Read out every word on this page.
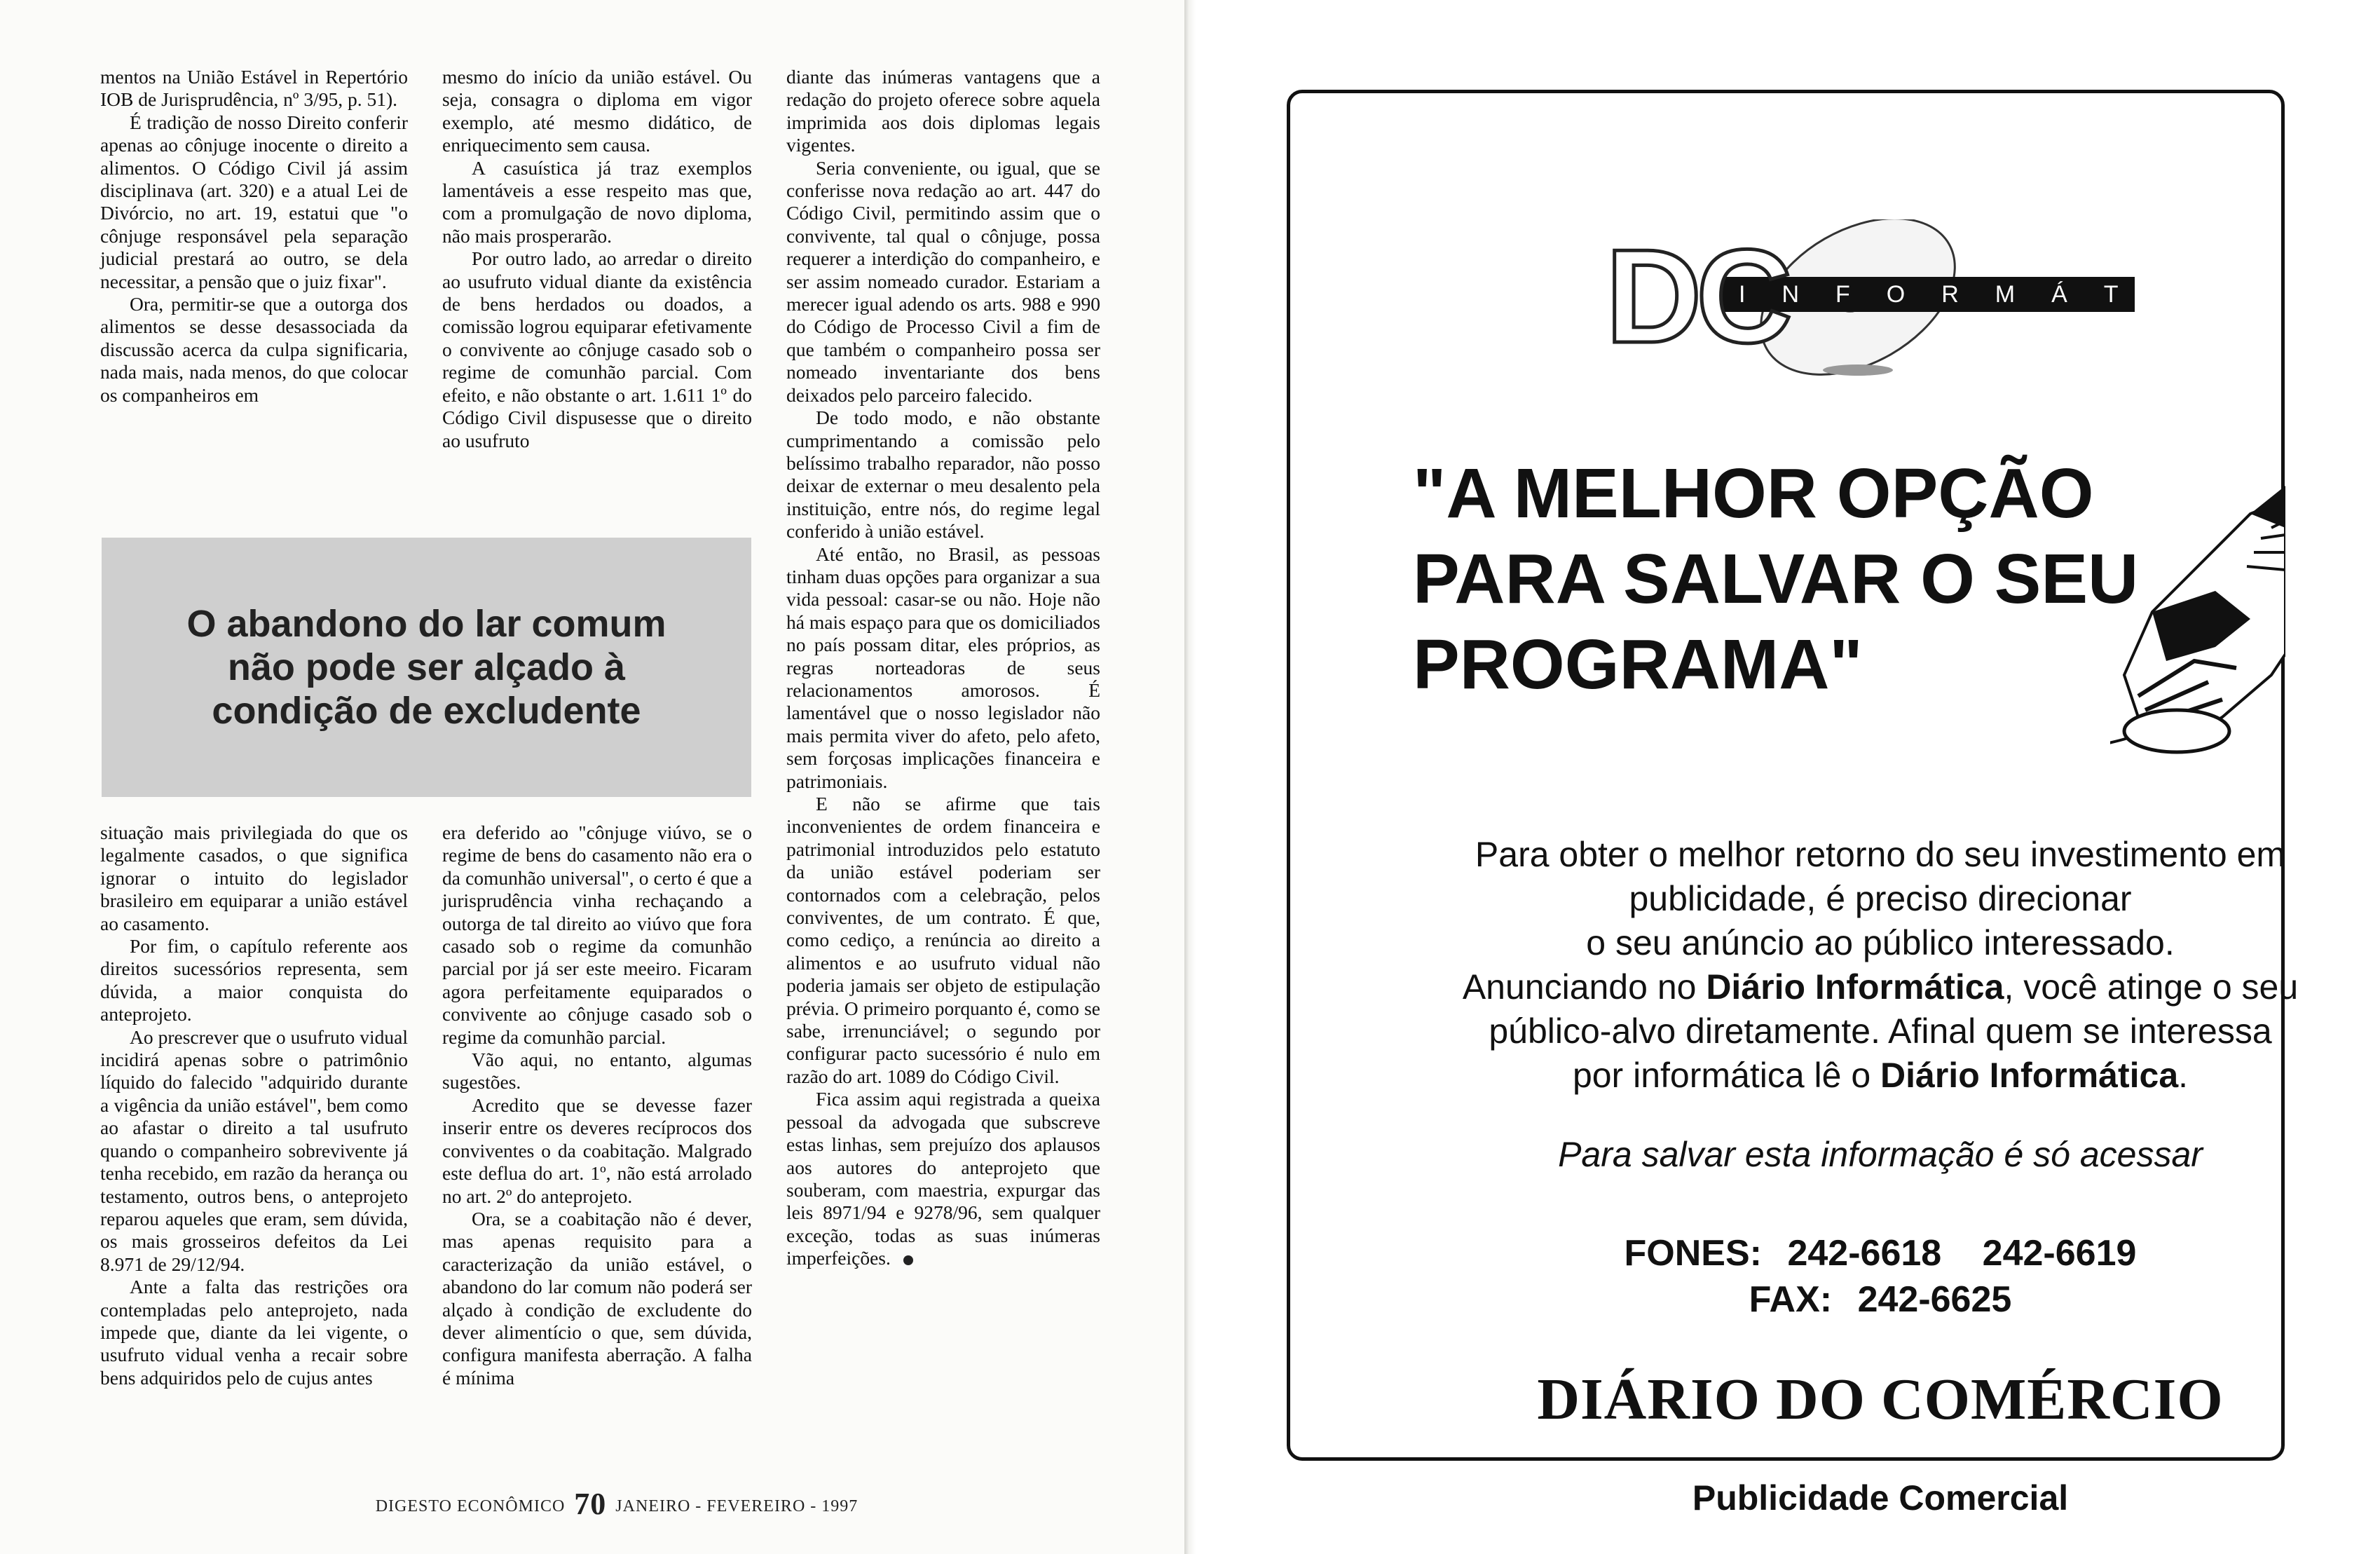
mentos na União Estável in Repertório IOB de Jurisprudência, nº 3/95, p. 51).

É tradição de nosso Direito conferir apenas ao cônjuge inocente o direito a alimentos. O Código Civil já assim disciplinava (art. 320) e a atual Lei de Divórcio, no art. 19, estatui que "o cônjuge responsável pela separação judicial prestará ao outro, se dela necessitar, a pensão que o juiz fixar".

Ora, permitir-se que a outorga dos alimentos se desse desassociada da discussão acerca da culpa significaria, nada mais, nada menos, do que colocar os companheiros em

mesmo do início da união estável. Ou seja, consagra o diploma em vigor exemplo, até mesmo didático, de enriquecimento sem causa.

A casuística já traz exemplos lamentáveis a esse respeito mas que, com a promulgação de novo diploma, não mais prosperarão.

Por outro lado, ao arredar o direito ao usufruto vidual diante da existência de bens herdados ou doados, a comissão logrou equiparar efetivamente o convivente ao cônjuge casado sob o regime de comunhão parcial. Com efeito, e não obstante o art. 1.611 1º do Código Civil dispusesse que o direito ao usufruto

diante das inúmeras vantagens que a redação do projeto oferece sobre aquela imprimida aos dois diplomas legais vigentes.

Seria conveniente, ou igual, que se conferisse nova redação ao art. 447 do Código Civil, permitindo assim que o convivente, tal qual o cônjuge, possa requerer a interdição do companheiro, e ser assim nomeado curador. Estariam a merecer igual adendo os arts. 988 e 990 do Código de Processo Civil a fim de que também o companheiro possa ser nomeado inventariante dos bens deixados pelo parceiro falecido.

De todo modo, e não obstante cumprimentando a comissão pelo belíssimo trabalho reparador, não posso deixar de externar o meu desalento pela instituição, entre nós, do regime legal conferido à união estável.

Até então, no Brasil, as pessoas tinham duas opções para organizar a sua vida pessoal: casar-se ou não. Hoje não há mais espaço para que os domiciliados no país possam ditar, eles próprios, as regras norteadoras de seus relacionamentos amorosos. É lamentável que o nosso legislador não mais permita viver do afeto, pelo afeto, sem forçosas implicações financeira e patrimoniais.

E não se afirme que tais inconvenientes de ordem financeira e patrimonial introduzidos pelo estatuto da união estável poderiam ser contornados com a celebração, pelos conviventes, de um contrato. É que, como cediço, a renúncia ao direito a alimentos e ao usufruto vidual não poderia jamais ser objeto de estipulação prévia. O primeiro porquanto é, como se sabe, irrenunciável; o segundo por configurar pacto sucessório é nulo em razão do art. 1089 do Código Civil.

Fica assim aqui registrada a queixa pessoal da advogada que subscreve estas linhas, sem prejuízo dos aplausos aos autores do anteprojeto que souberam, com maestria, expurgar das leis 8971/94 e 9278/96, sem qualquer exceção, todas as suas inúmeras imperfeições.

O abandono do lar comum
não pode ser alçado à
condição de excludente

situação mais privilegiada do que os legalmente casados, o que significa ignorar o intuito do legislador brasileiro em equiparar a união estável ao casamento.

Por fim, o capítulo referente aos direitos sucessórios representa, sem dúvida, a maior conquista do anteprojeto.

Ao prescrever que o usufruto vidual incidirá apenas sobre o patrimônio líquido do falecido "adquirido durante a vigência da união estável", bem como ao afastar o direito a tal usufruto quando o companheiro sobrevivente já tenha recebido, em razão da herança ou testamento, outros bens, o anteprojeto reparou aqueles que eram, sem dúvida, os mais grosseiros defeitos da Lei 8.971 de 29/12/94.

Ante a falta das restrições ora contempladas pelo anteprojeto, nada impede que, diante da lei vigente, o usufruto vidual venha a recair sobre bens adquiridos pelo de cujus antes

era deferido ao "cônjuge viúvo, se o regime de bens do casamento não era o da comunhão universal", o certo é que a jurisprudência vinha rechaçando a outorga de tal direito ao viúvo que fora casado sob o regime da comunhão parcial por já ser este meeiro. Ficaram agora perfeitamente equiparados o convivente ao cônjuge casado sob o regime da comunhão parcial.

Vão aqui, no entanto, algumas sugestões.

Acredito que se devesse fazer inserir entre os deveres recíprocos dos conviventes o da coabitação. Malgrado este deflua do art. 1º, não está arrolado no art. 2º do anteprojeto.

Ora, se a coabitação não é dever, mas apenas requisito para a caracterização da união estável, o abandono do lar comum não poderá ser alçado à condição de excludente do dever alimentício o que, sem dúvida, configura manifesta aberração. A falha é mínima

DIGESTO ECONÔMICO 70 JANEIRO - FEVEREIRO - 1997
INFORMÁTICA
DC
"A MELHOR OPÇÃO
PARA SALVAR O SEU
PROGRAMA"
Para obter o melhor retorno do seu investimento em
publicidade, é preciso direcionar
o seu anúncio ao público interessado.
Anunciando no Diário Informática, você atinge o seu
público-alvo diretamente. Afinal quem se interessa
por informática lê o Diário Informática.
Para salvar esta informação é só acessar
FONES: 242-6618 242-6619
FAX: 242-6625
DIÁRIO DO COMÉRCIO
Publicidade Comercial
